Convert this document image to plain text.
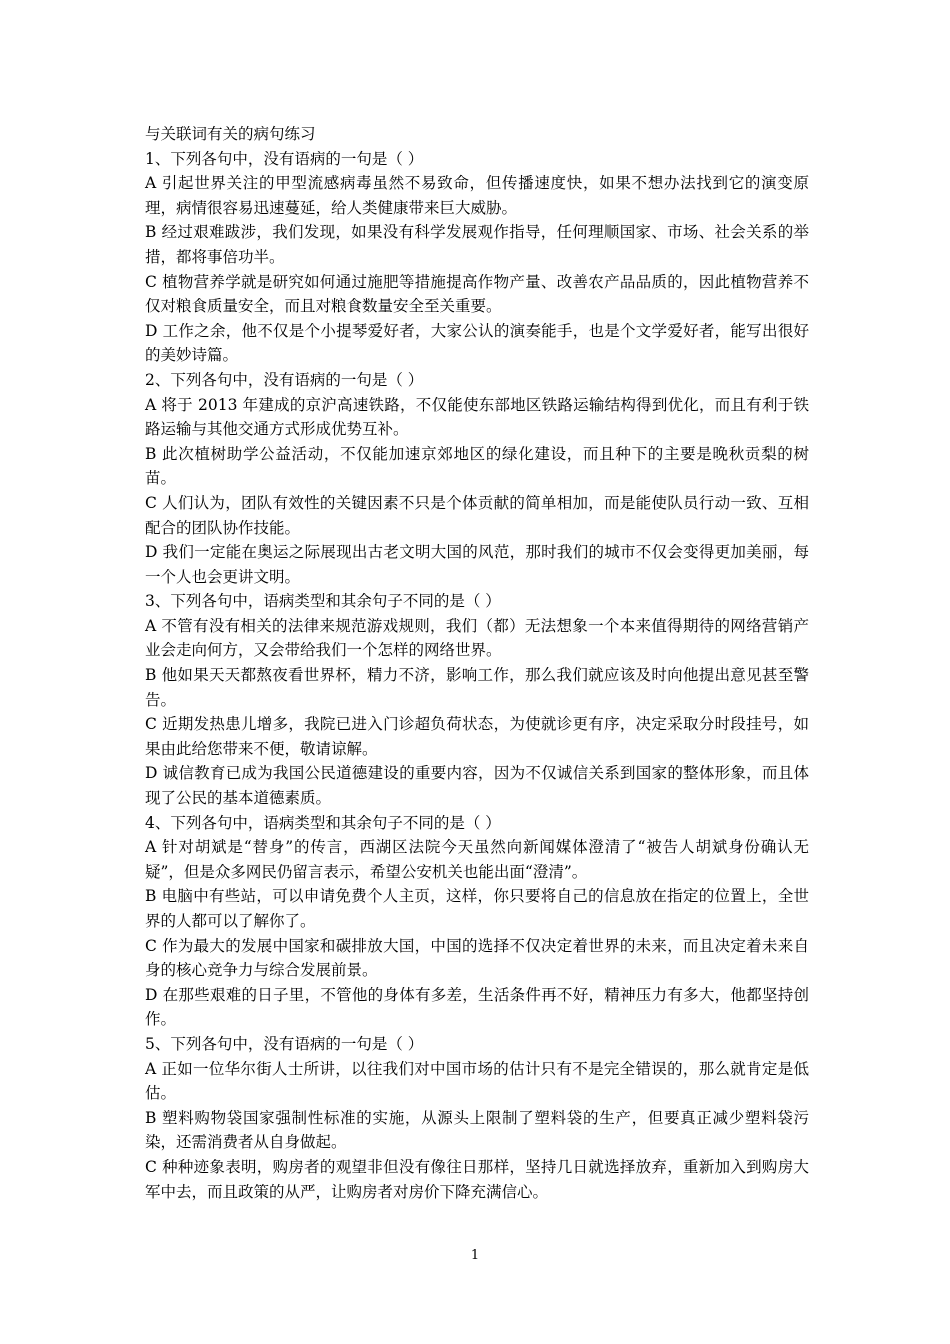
与关联词有关的病句练习

1、下列各句中，没有语病的一句是（ ）

A 引起世界关注的甲型流感病毒虽然不易致命，但传播速度快，如果不想办法找到它的演变原理，病情很容易迅速蔓延，给人类健康带来巨大威胁。

B 经过艰难跋涉，我们发现，如果没有科学发展观作指导，任何理顺国家、市场、社会关系的举措，都将事倍功半。

C 植物营养学就是研究如何通过施肥等措施提高作物产量、改善农产品品质的，因此植物营养不仅对粮食质量安全，而且对粮食数量安全至关重要。

D 工作之余，他不仅是个小提琴爱好者，大家公认的演奏能手，也是个文学爱好者，能写出很好的美妙诗篇。

2、下列各句中，没有语病的一句是（ ）

A 将于 2013 年建成的京沪高速铁路，不仅能使东部地区铁路运输结构得到优化，而且有利于铁路运输与其他交通方式形成优势互补。

B 此次植树助学公益活动，不仅能加速京郊地区的绿化建设，而且种下的主要是晚秋贡梨的树苗。

C 人们认为，团队有效性的关键因素不只是个体贡献的简单相加，而是能使队员行动一致、互相配合的团队协作技能。

D 我们一定能在奥运之际展现出古老文明大国的风范，那时我们的城市不仅会变得更加美丽，每一个人也会更讲文明。

3、下列各句中，语病类型和其余句子不同的是（ ）

A 不管有没有相关的法律来规范游戏规则，我们（都）无法想象一个本来值得期待的网络营销产业会走向何方，又会带给我们一个怎样的网络世界。

B 他如果天天都熬夜看世界杯，精力不济，影响工作，那么我们就应该及时向他提出意见甚至警告。

C 近期发热患儿增多，我院已进入门诊超负荷状态，为使就诊更有序，决定采取分时段挂号，如果由此给您带来不便，敬请谅解。

D 诚信教育已成为我国公民道德建设的重要内容，因为不仅诚信关系到国家的整体形象，而且体现了公民的基本道德素质。

4、下列各句中，语病类型和其余句子不同的是（ ）

A 针对胡斌是“替身”的传言，西湖区法院今天虽然向新闻媒体澄清了“被告人胡斌身份确认无疑”，但是众多网民仍留言表示，希望公安机关也能出面“澄清”。

B 电脑中有些站，可以申请免费个人主页，这样，你只要将自己的信息放在指定的位置上，全世界的人都可以了解你了。

C 作为最大的发展中国家和碳排放大国，中国的选择不仅决定着世界的未来，而且决定着未来自身的核心竞争力与综合发展前景。

D 在那些艰难的日子里，不管他的身体有多差，生活条件再不好，精神压力有多大，他都坚持创作。

5、下列各句中，没有语病的一句是（ ）

A 正如一位华尔街人士所讲，以往我们对中国市场的估计只有不是完全错误的，那么就肯定是低估。

B 塑料购物袋国家强制性标准的实施，从源头上限制了塑料袋的生产，但要真正减少塑料袋污染，还需消费者从自身做起。

C 种种迹象表明，购房者的观望非但没有像往日那样，坚持几日就选择放弃，重新加入到购房大军中去，而且政策的从严，让购房者对房价下降充满信心。

1
